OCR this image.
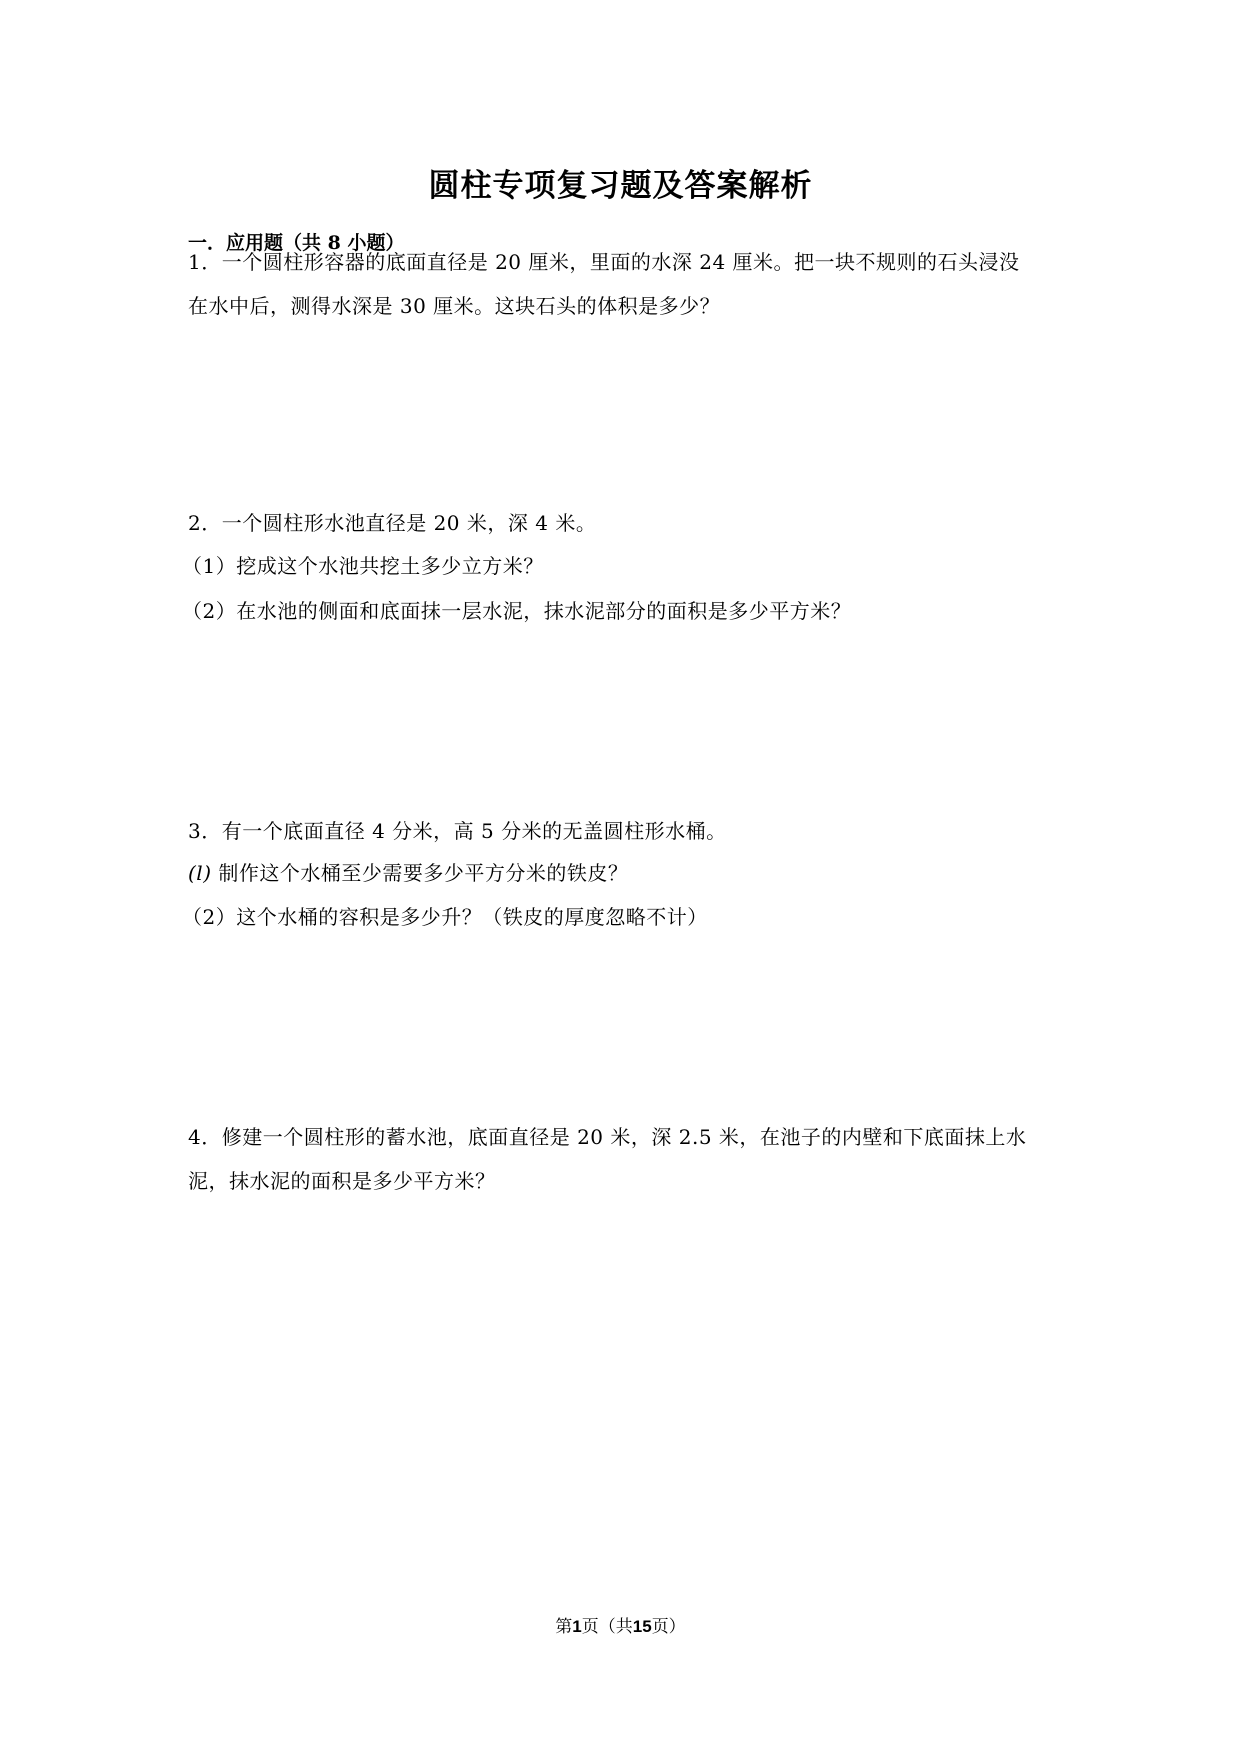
圆柱专项复习题及答案解析
一．应用题（共 8 小题）
1．一个圆柱形容器的底面直径是 20 厘米，里面的水深 24 厘米。把一块不规则的石头浸没
在水中后，测得水深是 30 厘米。这块石头的体积是多少？
2．一个圆柱形水池直径是 20 米，深 4 米。
（1）挖成这个水池共挖土多少立方米？
（2）在水池的侧面和底面抹一层水泥，抹水泥部分的面积是多少平方米？
3．有一个底面直径 4 分米，高 5 分米的无盖圆柱形水桶。
(l) 制作这个水桶至少需要多少平方分米的铁皮？
（2）这个水桶的容积是多少升？（铁皮的厚度忽略不计）
4．修建一个圆柱形的蓄水池，底面直径是 20 米，深 2.5 米，在池子的内壁和下底面抹上水
泥，抹水泥的面积是多少平方米？
第1页（共15页）
